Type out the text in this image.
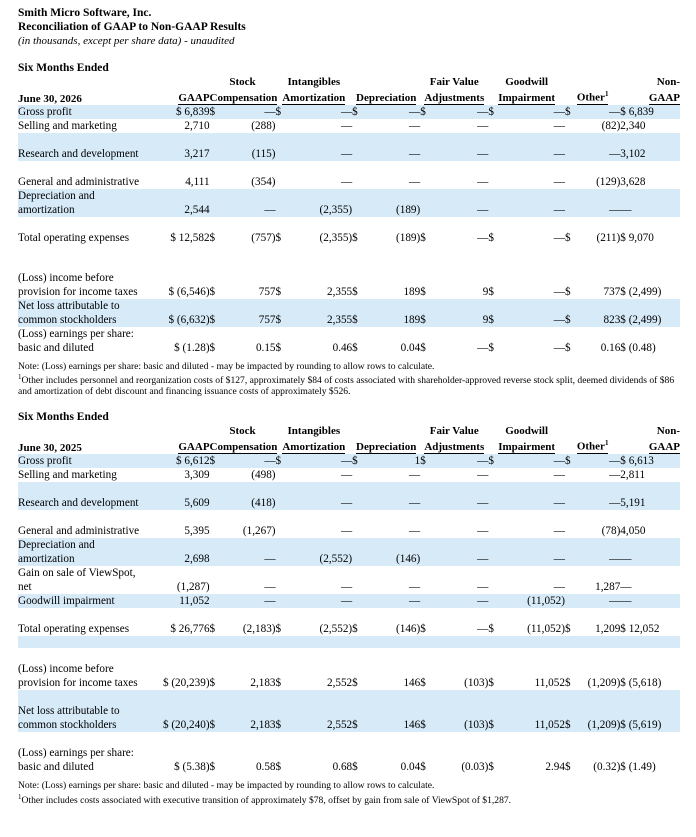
Smith Micro Software, Inc.
Reconciliation of GAAP to Non-GAAP Results
(in thousands, except per share data) - unaudited
Six Months Ended
		Stock		Intangibles				Fair Value		Goodwill				Non-
June 30, 2026	GAAP	Compensation		Amortization		Depreciation		Adjustments		Impairment		Other$^1$		GAAP
Gross profit	$ 6,839	$	—	$	—	$	—	$	—	$	—	$	—	$ 6,839
Selling and marketing	2,710		(288)		—		—		—		—		(82)	2,340
Research and development	3,217		(115)		—		—		—		—		—	3,102
General and administrative	4,111		(354)		—		—		—		—		(129)	3,628
Depreciation and amortization	2,544		—		(2,355)		(189)		—		—		—	—
Total operating expenses	$ 12,582	$	(757)	$	(2,355)	$	(189)	$	—	$	—	$	(211)	$ 9,070

(Loss) income before provision for income taxes	$ (6,546)	$	757	$	2,355	$	189	$	9	$	—	$	737	$ (2,499)
Net loss attributable to common stockholders	$ (6,632)	$	757	$	2,355	$	189	$	9	$	—	$	823	$ (2,499)
(Loss) earnings per share: basic and diluted	$ (1.28)	$	0.15	$	0.46	$	0.04	$	—	$	—	$	0.16	$ (0.48)
Note: (Loss) earnings per share: basic and diluted - may be impacted by rounding to allow rows to calculate.
$^1$Other includes personnel and reorganization costs of $127, approximately $84 of costs associated with shareholder-approved reverse stock split, deemed dividends of $86 and amortization of debt discount and financing issuance costs of approximately $526.
Six Months Ended
		Stock		Intangibles				Fair Value		Goodwill				Non-
June 30, 2025	GAAP	Compensation		Amortization		Depreciation		Adjustments		Impairment		Other$^1$		GAAP
Gross profit	$ 6,612	$	—	$	—	$	1	$	—	$	—	$	—	$ 6,613
Selling and marketing	3,309		(498)		—		—		—		—		—	2,811
Research and development	5,609		(418)		—		—		—		—		—	5,191
General and administrative	5,395		(1,267)		—		—		—		—		(78)	4,050
Depreciation and amortization	2,698		—		(2,552)		(146)		—		—		—	—
Gain on sale of ViewSpot, net	(1,287)		—		—		—		—		—		1,287	—
Goodwill impairment	11,052		—		—		—		—		(11,052)		—	—
Total operating expenses	$ 26,776	$	(2,183)	$	(2,552)	$	(146)	$	—	$	(11,052)	$	1,209	$ 12,052

(Loss) income before provision for income taxes	$ (20,239)	$	2,183	$	2,552	$	146	$	(103)	$	11,052	$	(1,209)	$ (5,618)
Net loss attributable to common stockholders	$ (20,240)	$	2,183	$	2,552	$	146	$	(103)	$	11,052	$	(1,209)	$ (5,619)
(Loss) earnings per share: basic and diluted	$ (5.38)	$	0.58	$	0.68	$	0.04	$	(0.03)	$	2.94	$	(0.32)	$ (1.49)
Note: (Loss) earnings per share: basic and diluted - may be impacted by rounding to allow rows to calculate.
$^1$Other includes costs associated with executive transition of approximately $78, offset by gain from sale of ViewSpot of $1,287.
